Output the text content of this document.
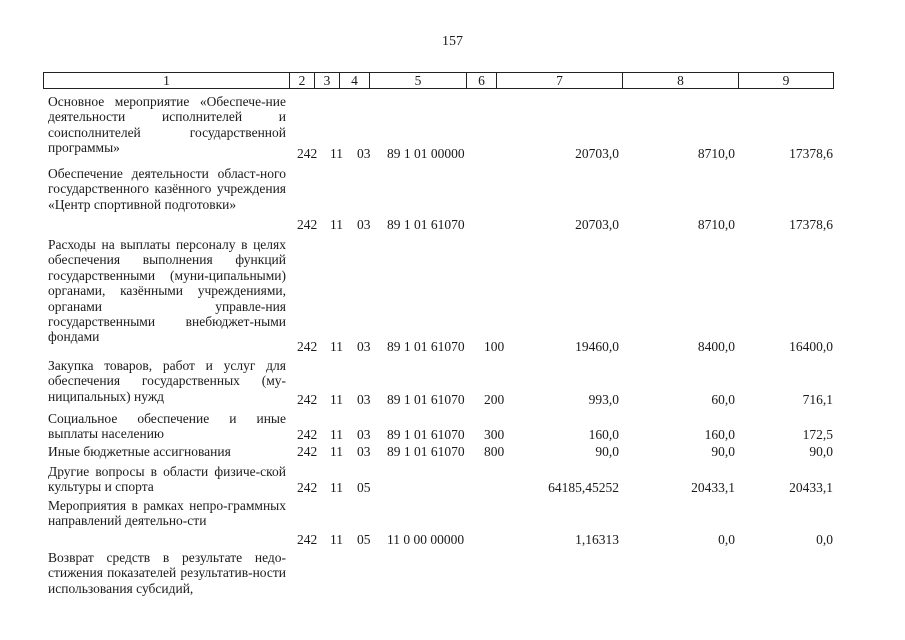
157
1	2	3	4	5	6	7	8	9
Основное мероприятие «Обеспече-ние деятельности исполнителей и соисполнителей государственной программы»	242 11 03 89 1 01 00000	20703,0	8710,0	17378,6
Обеспечение деятельности област-ного государственного казённого учреждения «Центр спортивной подготовки»
242 11 03 89 1 01 61070	20703,0	8710,0	17378,6
Расходы на выплаты персоналу в целях обеспечения выполнения функций государственными (муни-ципальными) органами, казёнными учреждениями, органами управле-ния государственными внебюджет-ными фондами
242 11 03 89 1 01 61070 100	19460,0	8400,0	16400,0
Закупка товаров, работ и услуг для обеспечения государственных (му-ниципальных) нужд	242 11 03 89 1 01 61070 200	993,0	60,0	716,1
Социальное обеспечение и иные выплаты населению	242 11 03 89 1 01 61070 300	160,0	160,0	172,5
Иные бюджетные ассигнования	242 11 03 89 1 01 61070 800	90,0	90,0	90,0
Другие вопросы в области физиче-ской культуры и спорта	242 11 05	64185,45252	20433,1	20433,1
Мероприятия в рамках непро-граммных направлений деятельно-сти
242 11 05 11 0 00 00000	1,16313	0,0	0,0
Возврат средств в результате недо-стижения показателей результатив-ности использования субсидий,
